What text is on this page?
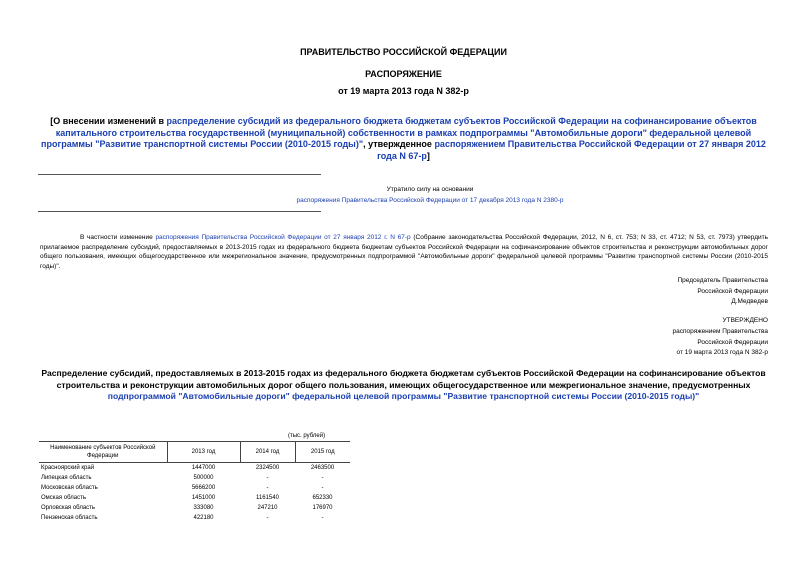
ПРАВИТЕЛЬСТВО РОССИЙСКОЙ ФЕДЕРАЦИИ
РАСПОРЯЖЕНИЕ
от 19 марта 2013 года N 382-р
[О внесении изменений в распределение субсидий из федерального бюджета бюджетам субъектов Российской Федерации на софинансирование объектов капитального строительства государственной (муниципальной) собственности в рамках подпрограммы "Автомобильные дороги" федеральной целевой программы "Развитие транспортной системы России (2010-2015 годы)", утвержденное распоряжением Правительства Российской Федерации от 27 января 2012 года N 67-р]
Утратило силу на основании
распоряжения Правительства Российской Федерации от 17 декабря 2013 года N 2380-р
В частности изменение распоряжения Правительства Российской Федерации от 27 января 2012 г. N 67-р (Собрание законодательства Российской Федерации, 2012, N 6, ст. 753; N 33, ст. 4712; N 53, ст. 7973) утвердить прилагаемое распределение субсидий, предоставляемых в 2013-2015 годах из федерального бюджета бюджетам субъектов Российской Федерации на софинансирование объектов строительства и реконструкции автомобильных дорог общего пользования, имеющих общегосударственное или межрегиональное значение, предусмотренных подпрограммой "Автомобильные дороги" федеральной целевой программы "Развитие транспортной системы России (2010-2015 годы)".
Председатель Правительства
Российской Федерации
Д.Медведев
УТВЕРЖДЕНО
распоряжением Правительства
Российской Федерации
от 19 марта 2013 года N 382-р
Распределение субсидий, предоставляемых в 2013-2015 годах из федерального бюджета бюджетам субъектов Российской Федерации на софинансирование объектов строительства и реконструкции автомобильных дорог общего пользования, имеющих общегосударственное или межрегиональное значение, предусмотренных подпрограммой "Автомобильные дороги" федеральной целевой программы "Развитие транспортной системы России (2010-2015 годы)"
(тыс. рублей)
Наименование субъектов Российской Федерации	2013 год	2014 год	2015 год
Красноярский край	1447000	2324500	2463500
Липецкая область	500000	-	-
Московская область	5666200	-	-
Омская область	1451000	1161540	652330
Орловская область	333080	247210	176970
Пензенская область	422180	-	-
